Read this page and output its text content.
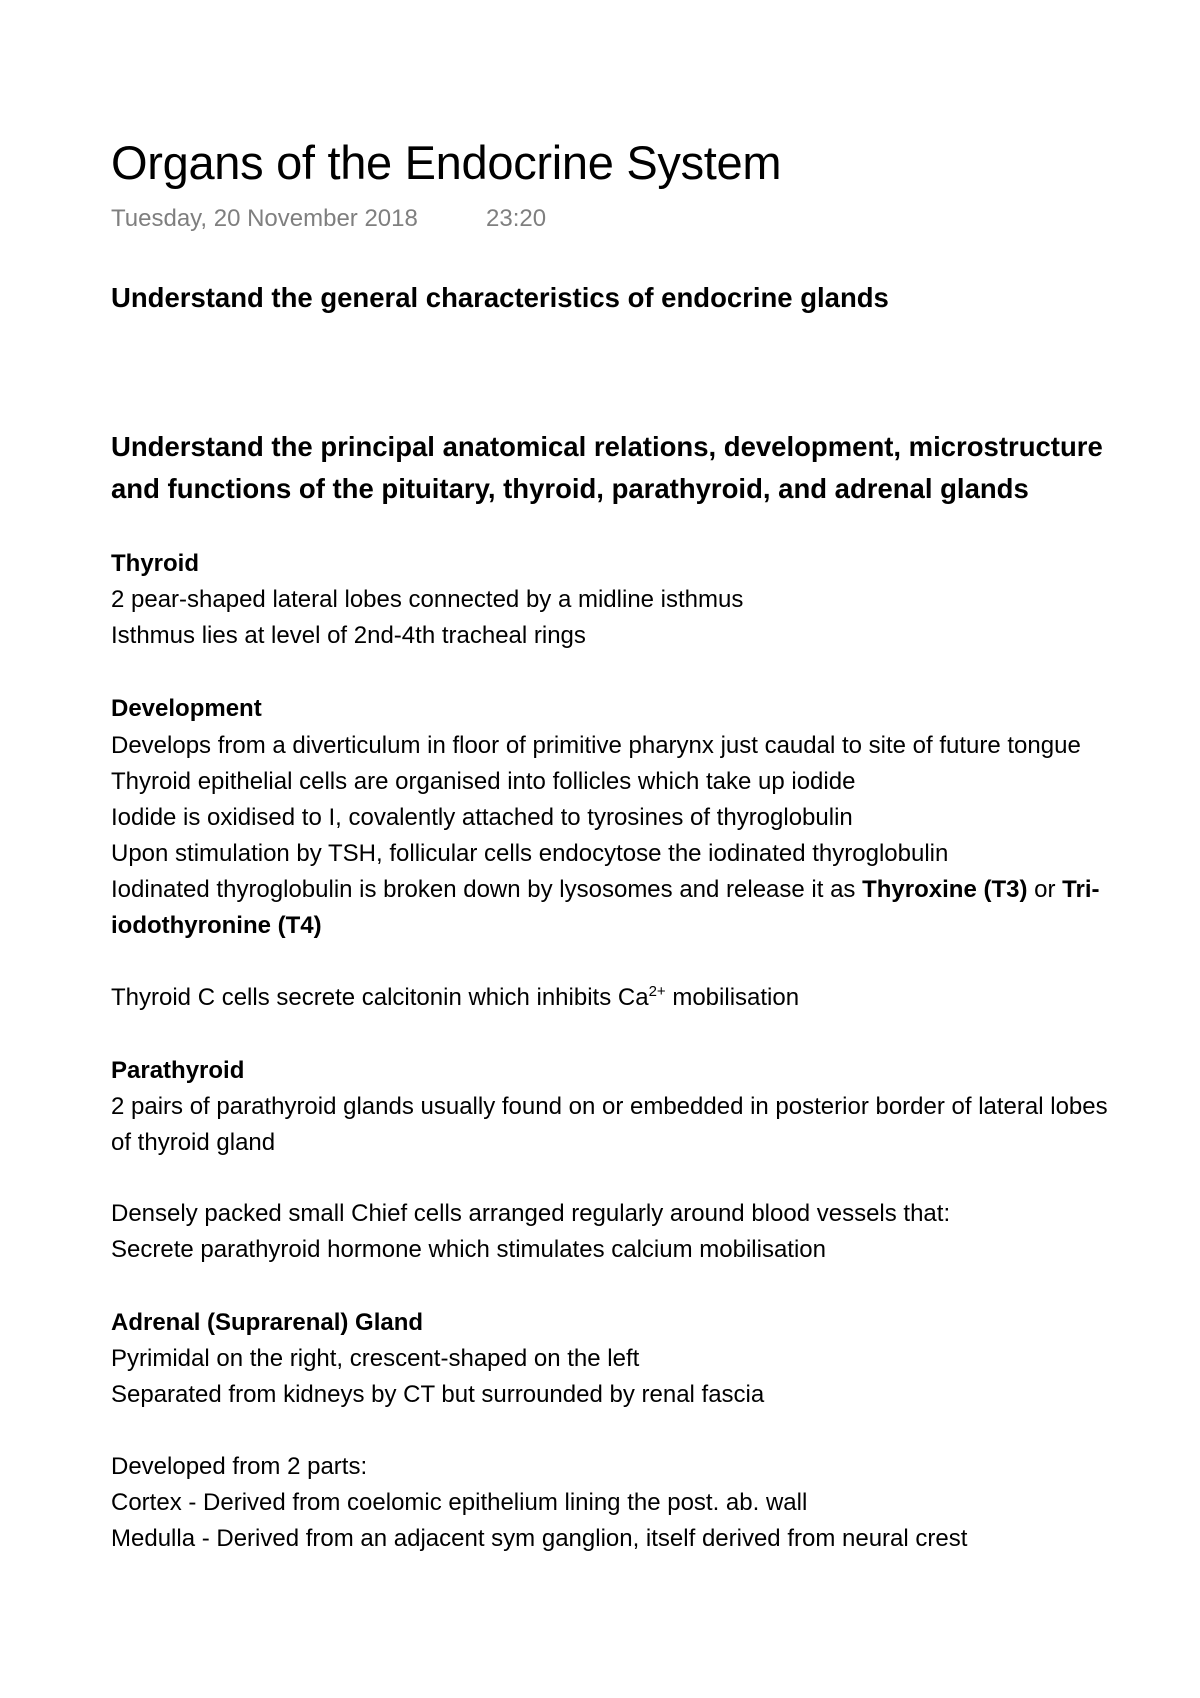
Organs of the Endocrine System
Tuesday, 20 November 2018	23:20
Understand the general characteristics of endocrine glands
Understand the principal anatomical relations, development, microstructure
and functions of the pituitary, thyroid, parathyroid, and adrenal glands
Thyroid
2 pear-shaped lateral lobes connected by a midline isthmus
Isthmus lies at level of 2nd-4th tracheal rings
Development
Develops from a diverticulum in floor of primitive pharynx just caudal to site of future tongue
Thyroid epithelial cells are organised into follicles which take up iodide
Iodide is oxidised to I, covalently attached to tyrosines of thyroglobulin
Upon stimulation by TSH, follicular cells endocytose the iodinated thyroglobulin
Iodinated thyroglobulin is broken down by lysosomes and release it as Thyroxine (T3) or Tri-
iodothyronine (T4)
Thyroid C cells secrete calcitonin which inhibits $Ca^{2+}$ mobilisation
Parathyroid
2 pairs of parathyroid glands usually found on or embedded in posterior border of lateral lobes
of thyroid gland
Densely packed small Chief cells arranged regularly around blood vessels that:
Secrete parathyroid hormone which stimulates calcium mobilisation
Adrenal (Suprarenal) Gland
Pyrimidal on the right, crescent-shaped on the left
Separated from kidneys by CT but surrounded by renal fascia
Developed from 2 parts:
Cortex - Derived from coelomic epithelium lining the post. ab. wall
Medulla - Derived from an adjacent sym ganglion, itself derived from neural crest
